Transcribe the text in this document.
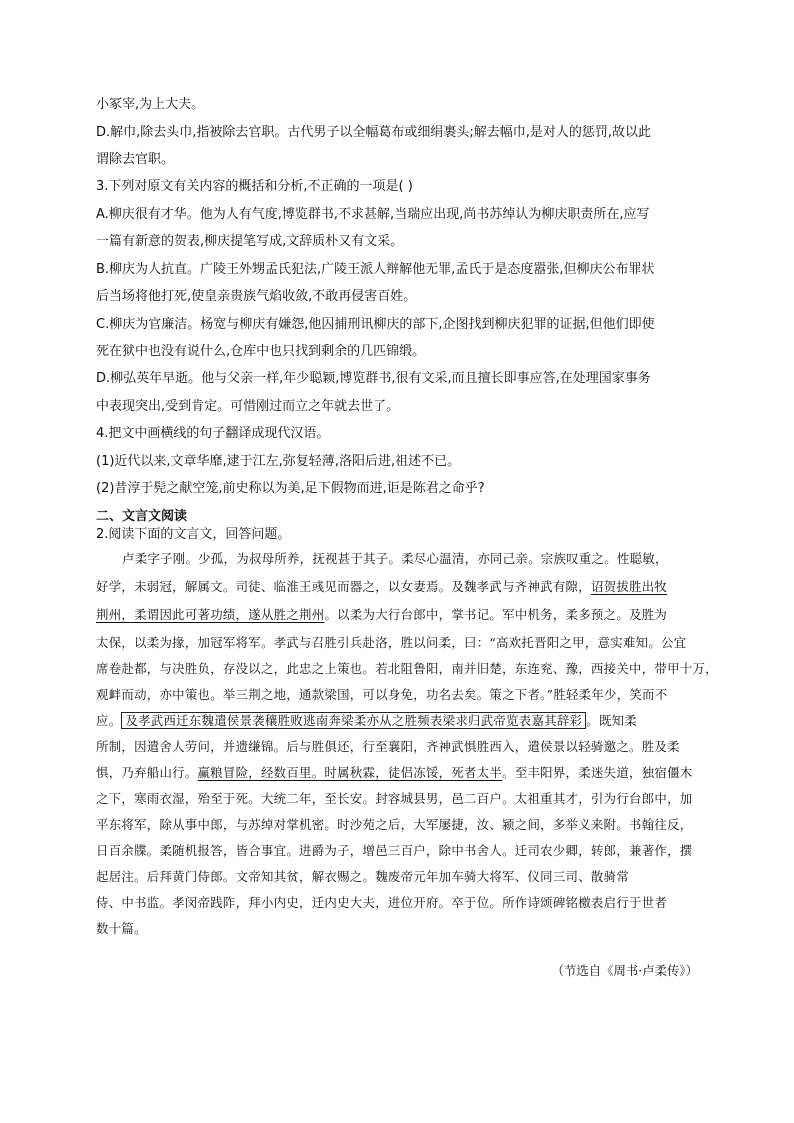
小冢宰,为上大夫。
D.解巾,除去头巾,指被除去官职。古代男子以全幅葛布或细绢裹头;解去幅巾,是对人的惩罚,故以此
谓除去官职。
3.下列对原文有关内容的概括和分析,不正确的一项是( )
A.柳庆很有才华。他为人有气度,博览群书,不求甚解,当瑞应出现,尚书苏绰认为柳庆职责所在,应写
一篇有新意的贺表,柳庆提笔写成,文辞质朴又有文采。
B.柳庆为人抗直。广陵王外甥孟氏犯法,广陵王派人辩解他无罪,孟氏于是态度嚣张,但柳庆公布罪状
后当场将他打死,使皇亲贵族气焰收敛,不敢再侵害百姓。
C.柳庆为官廉洁。杨宽与柳庆有嫌怨,他囚捕刑讯柳庆的部下,企图找到柳庆犯罪的证据,但他们即使
死在狱中也没有说什么,仓库中也只找到剩余的几匹锦缎。
D.柳弘英年早逝。他与父亲一样,年少聪颖,博览群书,很有文采,而且擅长即事应答,在处理国家事务
中表现突出,受到肯定。可惜刚过而立之年就去世了。
4.把文中画横线的句子翻译成现代汉语。
(1)近代以来,文章华靡,逮于江左,弥复轻薄,洛阳后进,祖述不已。
(2)昔淳于髡之献空笼,前史称以为美,足下假物而进,讵是陈君之命乎?
二、文言文阅读
2.阅读下面的文言文，回答问题。
卢柔字子刚。少孤，为叔母所养，抚视甚于其子。柔尽心温清，亦同己亲。宗族叹重之。性聪敏，
好学，未弱冠，解属文。司徒、临淮王彧见而器之，以女妻焉。及魏孝武与齐神武有隙，诏贺拔胜出牧
荆州，柔谓因此可著功绩，遂从胜之荆州。以柔为大行台郎中，掌书记。军中机务，柔多预之。及胜为
太保，以柔为掾，加冠军将军。孝武与召胜引兵赴洛，胜以问柔，曰：“高欢托晋阳之甲，意实难知。公宜
席卷赴都，与决胜负，存没以之，此忠之上策也。若北阻鲁阳，南并旧楚，东连兖、豫，西接关中，带甲十万，
观衅而动，亦中策也。举三荆之地，通款梁国，可以身免，功名去矣。策之下者。”胜轻柔年少，笑而不
应。 及孝武西迁东魏遣侯景袭穰胜败逃南奔梁柔亦从之胜频表梁求归武帝览表嘉其辞彩 。既知柔
所制，因遣舍人劳问，并遗缣锦。后与胜俱还，行至襄阳，齐神武惧胜西入，遣侯景以轻骑邀之。胜及柔
惧，乃弃船山行。赢粮冒险，经数百里。时属秋霖，徒侣冻馁，死者太半。至丰阳界，柔迷失道，独宿僵木
之下，寒雨衣湿，殆至于死。大统二年，至长安。封容城县男，邑二百户。太祖重其才，引为行台郎中，加
平东将军，除从事中郎，与苏绰对掌机密。时沙苑之后，大军屡捷，汝、颍之间，多举义来附。书翰往反，
日百余牒。柔随机报答，皆合事宜。进爵为子，增邑三百户，除中书舍人。迁司农少卿，转郎，兼著作，撰
起居注。后拜黄门侍郎。文帝知其贫，解衣赐之。魏废帝元年加车骑大将军、仪同三司、散骑常
侍、中书监。孝闵帝践阼，拜小内史，迁内史大夫，进位开府。卒于位。所作诗颂碑铭檄表启行于世者
数十篇。
（节选自《周书·卢柔传》）
